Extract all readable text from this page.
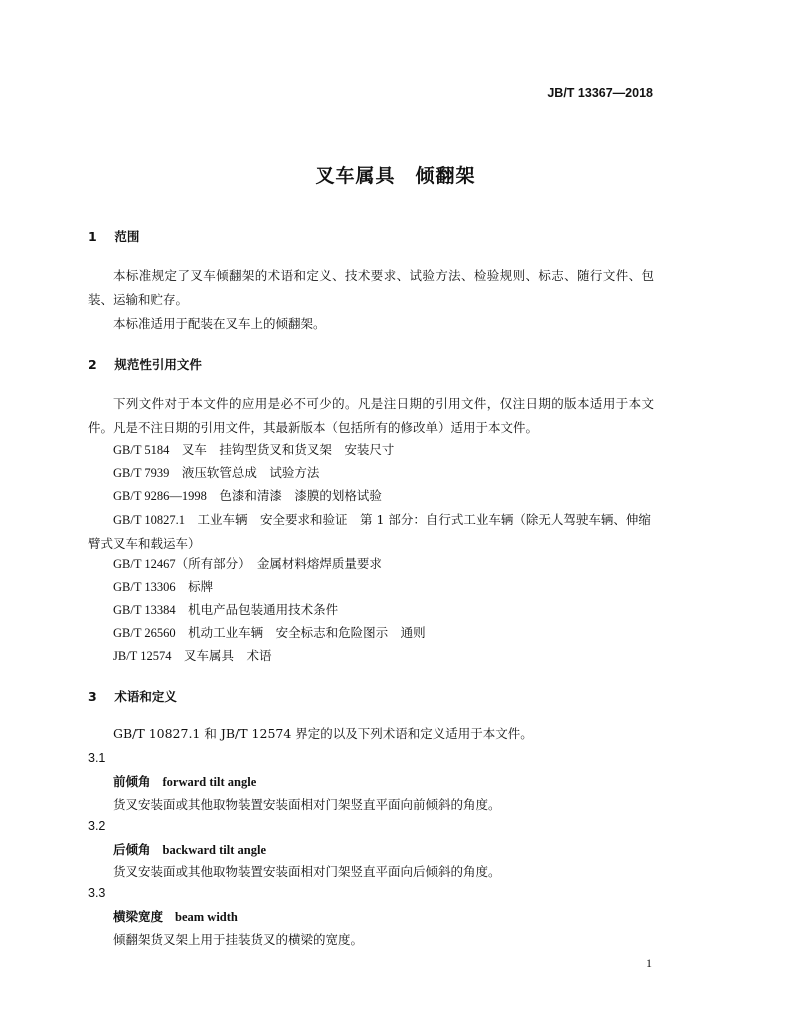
JB/T 13367—2018
叉车属具　倾翻架
1 范围
本标准规定了叉车倾翻架的术语和定义、技术要求、试验方法、检验规则、标志、随行文件、包装、运输和贮存。
本标准适用于配装在叉车上的倾翻架。
2 规范性引用文件
下列文件对于本文件的应用是必不可少的。凡是注日期的引用文件，仅注日期的版本适用于本文件。凡是不注日期的引用文件，其最新版本（包括所有的修改单）适用于本文件。
GB/T 5184　 叉车　挂钩型货叉和货叉架　安装尺寸
GB/T 7939　 液压软管总成　试验方法
GB/T 9286—1998　 色漆和清漆　漆膜的划格试验
GB/T 10827.1　 工业车辆　安全要求和验证　第 1 部分：自行式工业车辆（除无人驾驶车辆、伸缩臂式叉车和载运车）
GB/T 12467（所有部分）　金属材料熔焊质量要求
GB/T 13306　 标牌
GB/T 13384　 机电产品包装通用技术条件
GB/T 26560　 机动工业车辆　安全标志和危险图示　通则
JB/T 12574　 叉车属具　术语
3 术语和定义
GB/T 10827.1 和 JB/T 12574 界定的以及下列术语和定义适用于本文件。
3.1
前倾角 forward tilt angle
货叉安装面或其他取物装置安装面相对门架竖直平面向前倾斜的角度。
3.2
后倾角 backward tilt angle
货叉安装面或其他取物装置安装面相对门架竖直平面向后倾斜的角度。
3.3
横梁宽度 beam width
倾翻架货叉架上用于挂装货叉的横梁的宽度。
1
